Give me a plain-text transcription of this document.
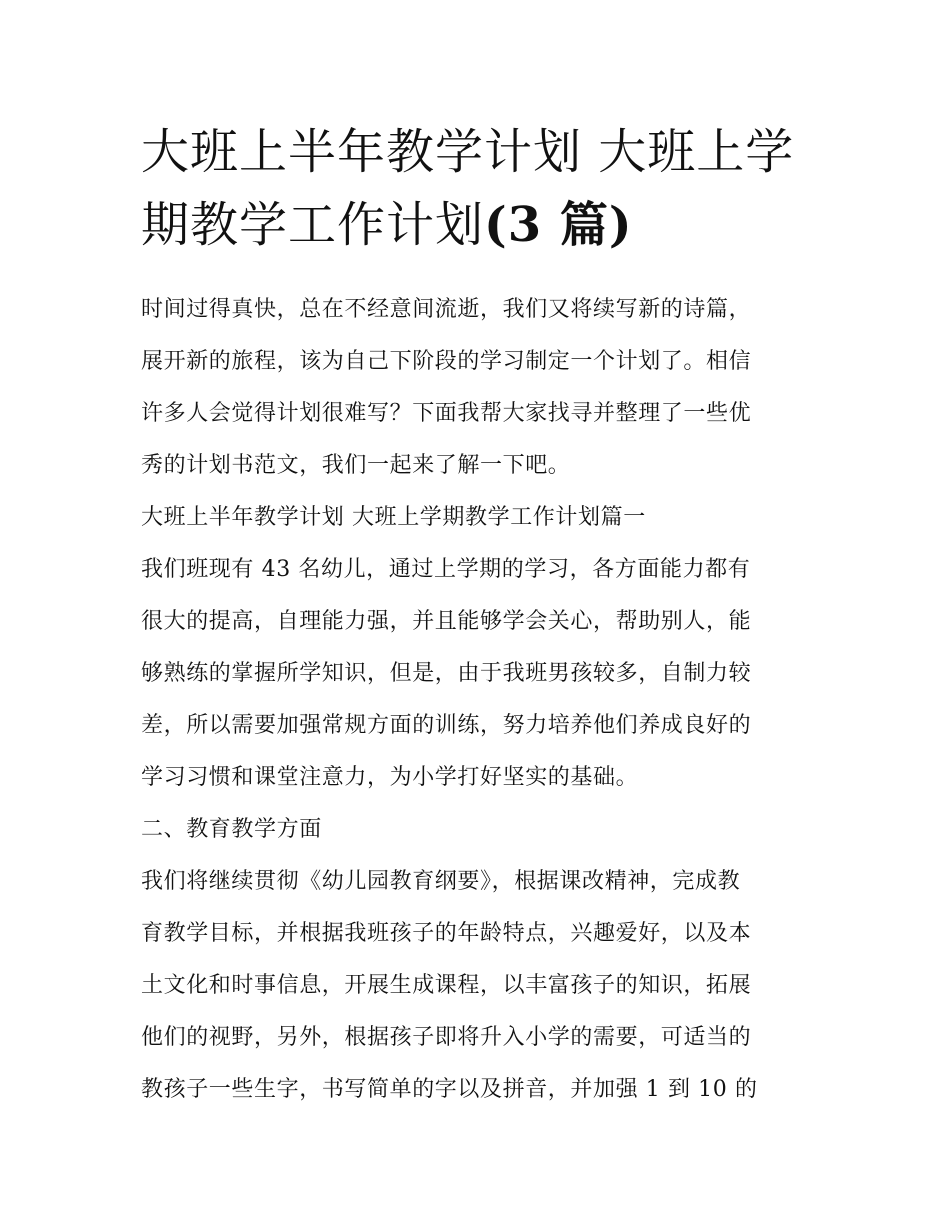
大班上半年教学计划 大班上学
期教学工作计划(3 篇)
时间过得真快，总在不经意间流逝，我们又将续写新的诗篇，
展开新的旅程，该为自己下阶段的学习制定一个计划了。相信
许多人会觉得计划很难写？下面我帮大家找寻并整理了一些优
秀的计划书范文，我们一起来了解一下吧。
大班上半年教学计划 大班上学期教学工作计划篇一
我们班现有 43 名幼儿，通过上学期的学习，各方面能力都有
很大的提高，自理能力强，并且能够学会关心，帮助别人，能
够熟练的掌握所学知识，但是，由于我班男孩较多，自制力较
差，所以需要加强常规方面的训练，努力培养他们养成良好的
学习习惯和课堂注意力，为小学打好坚实的基础。
二、教育教学方面
我们将继续贯彻《幼儿园教育纲要》，根据课改精神，完成教
育教学目标，并根据我班孩子的年龄特点，兴趣爱好，以及本
土文化和时事信息，开展生成课程，以丰富孩子的知识，拓展
他们的视野，另外，根据孩子即将升入小学的需要，可适当的
教孩子一些生字，书写简单的字以及拼音，并加强 1 到 10 的
